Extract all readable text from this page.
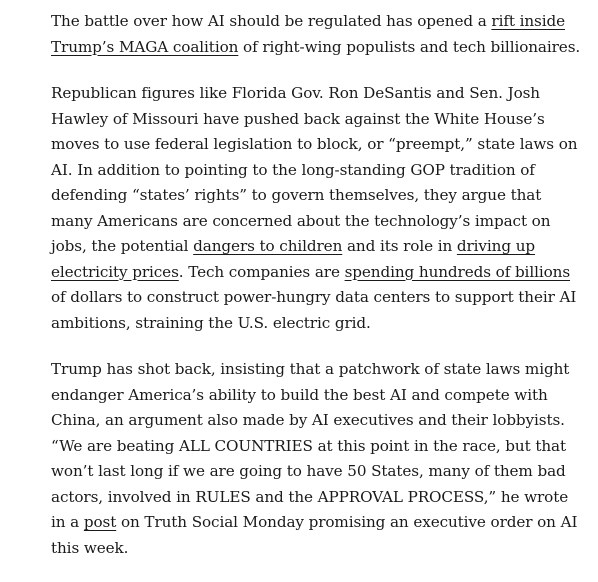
The battle over how AI should be regulated has opened a rift inside Trump’s MAGA coalition of right-wing populists and tech billionaires.

Republican figures like Florida Gov. Ron DeSantis and Sen. Josh Hawley of Missouri have pushed back against the White House’s moves to use federal legislation to block, or “preempt,” state laws on AI. In addition to pointing to the long-standing GOP tradition of defending “states’ rights” to govern themselves, they argue that many Americans are concerned about the technology’s impact on jobs, the potential dangers to children and its role in driving up electricity prices. Tech companies are spending hundreds of billions of dollars to construct power-hungry data centers to support their AI ambitions, straining the U.S. electric grid.

Trump has shot back, insisting that a patchwork of state laws might endanger America’s ability to build the best AI and compete with China, an argument also made by AI executives and their lobbyists. “We are beating ALL COUNTRIES at this point in the race, but that won’t last long if we are going to have 50 States, many of them bad actors, involved in RULES and the APPROVAL PROCESS,” he wrote in a post on Truth Social Monday promising an executive order on AI this week.
